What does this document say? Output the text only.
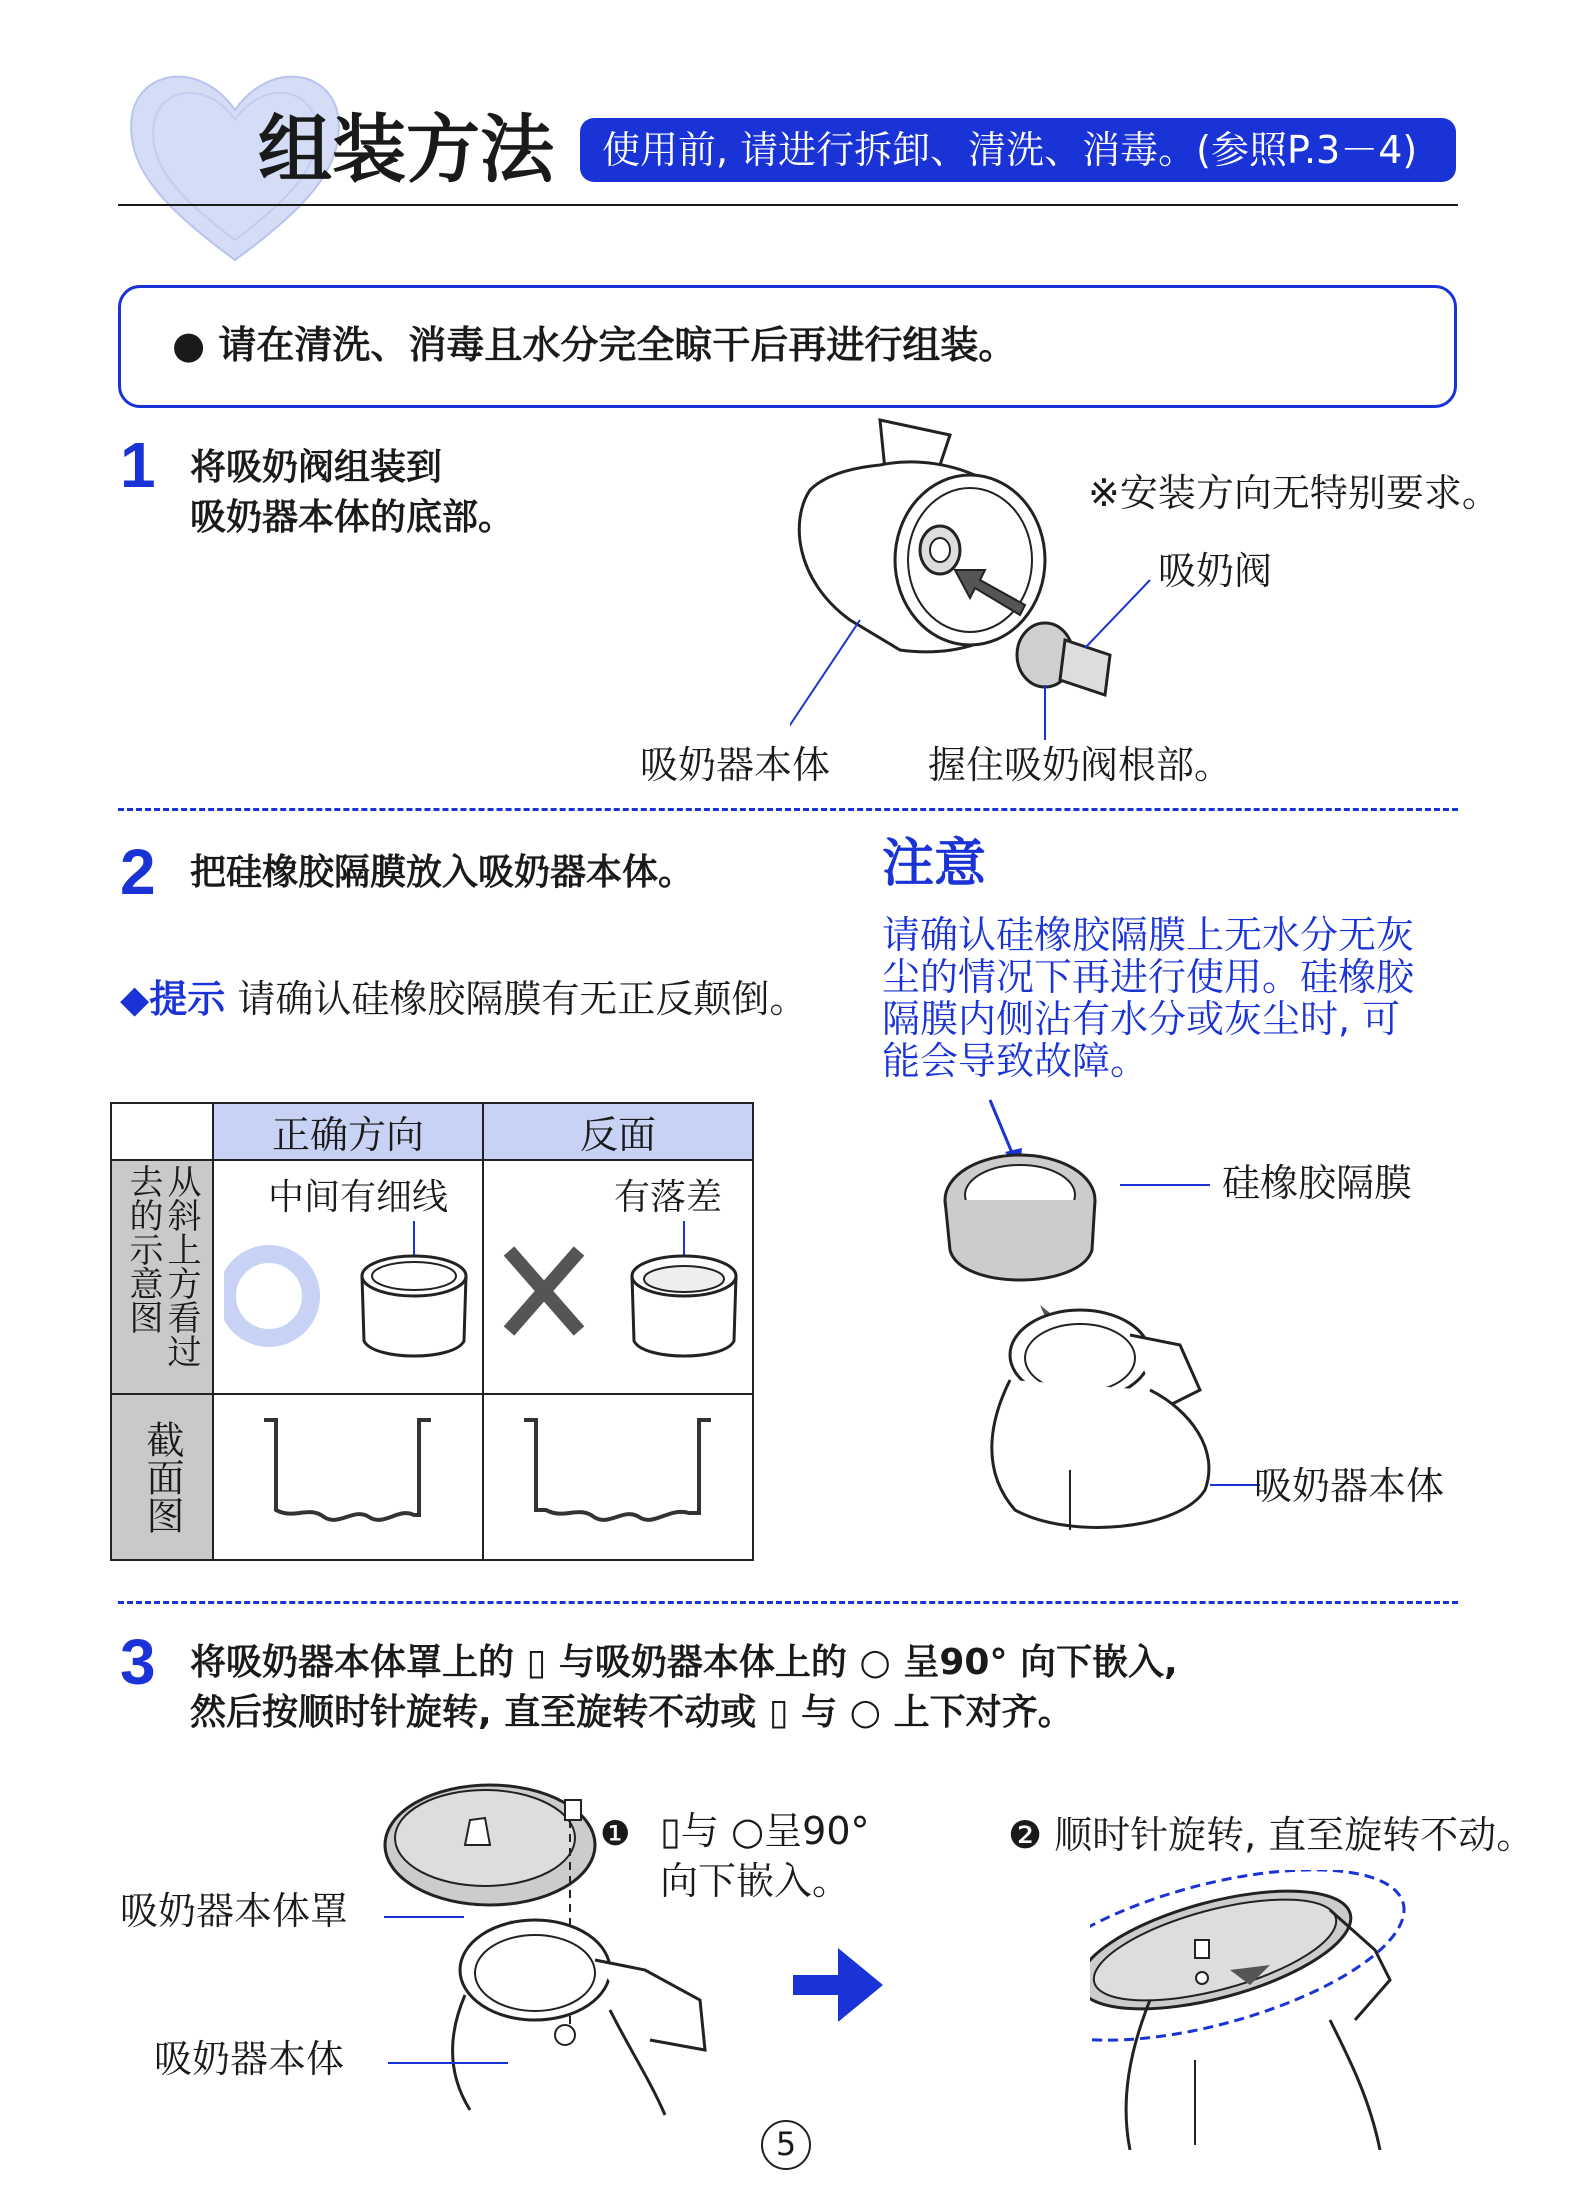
组装方法 使用前, 请进行拆卸、清洗、消毒。(参照P.3－4)
● 请在清洗、消毒且水分完全晾干后再进行组装。
1 将吸奶阀组装到
吸奶器本体的底部。
※安装方向无特别要求。
吸奶阀
吸奶器本体	握住吸奶阀根部。
2 把硅橡胶隔膜放入吸奶器本体。
◆提示 请确认硅橡胶隔膜有无正反颠倒。
注意
请确认硅橡胶隔膜上无水分无灰
尘的情况下再进行使用。硅橡胶
隔膜内侧沾有水分或灰尘时, 可
能会导致故障。
	正确方向	反面

从斜上方看过去的示意图	中间有细线	有落差

截面图

硅橡胶隔膜
吸奶器本体
3 将吸奶器本体罩上的 ▯ 与吸奶器本体上的 ○ 呈90° 向下嵌入,
然后按顺时针旋转, 直至旋转不动或 ▯ 与 ○ 上下对齐。
❶ ▯与 ○呈90°
向下嵌入。
吸奶器本体罩
吸奶器本体
❷ 顺时针旋转, 直至旋转不动。
5
